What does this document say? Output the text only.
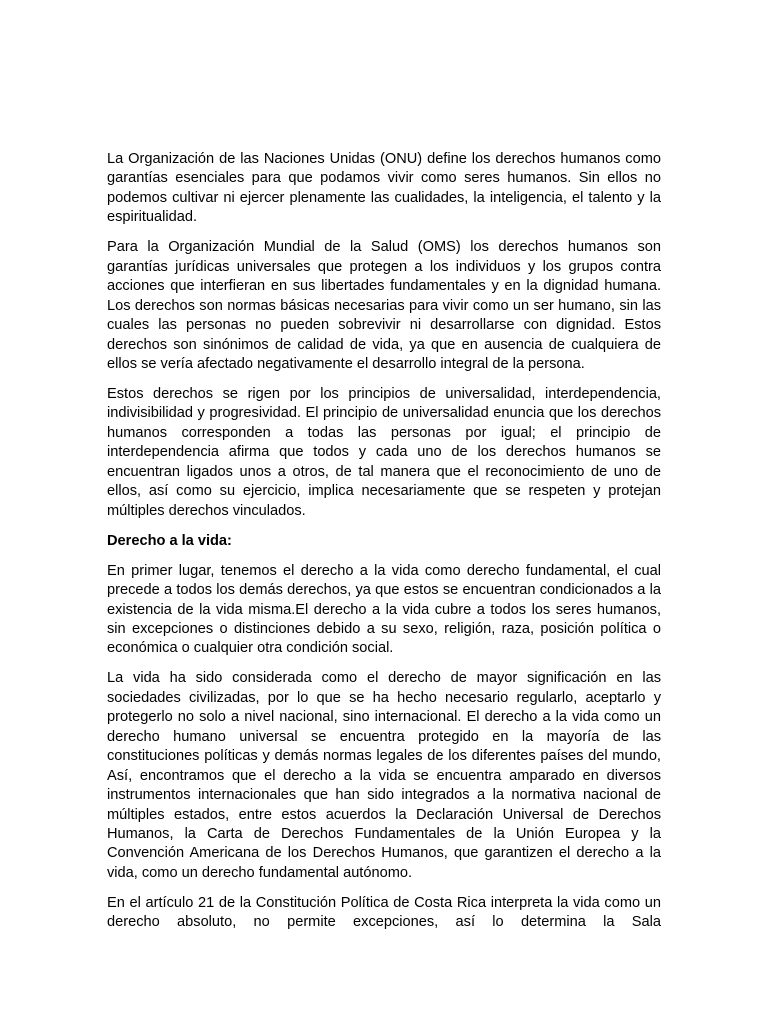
La Organización de las Naciones Unidas (ONU) define los derechos humanos como garantías esenciales para que podamos vivir como seres humanos. Sin ellos no podemos cultivar ni ejercer plenamente las cualidades, la inteligencia, el talento y la espiritualidad.

Para la Organización Mundial de la Salud (OMS) los derechos humanos son garantías jurídicas universales que protegen a los individuos y los grupos contra acciones que interfieran en sus libertades fundamentales y en la dignidad humana. Los derechos son normas básicas necesarias para vivir como un ser humano, sin las cuales las personas no pueden sobrevivir ni desarrollarse con dignidad. Estos derechos son sinónimos de calidad de vida, ya que en ausencia de cualquiera de ellos se vería afectado negativamente el desarrollo integral de la persona.

Estos derechos se rigen por los principios de universalidad, interdependencia, indivisibilidad y progresividad. El principio de universalidad enuncia que los derechos humanos corresponden a todas las personas por igual; el principio de interdependencia afirma que todos y cada uno de los derechos humanos se encuentran ligados unos a otros, de tal manera que el reconocimiento de uno de ellos, así como su ejercicio, implica necesariamente que se respeten y protejan múltiples derechos vinculados.

Derecho a la vida:

En primer lugar, tenemos el derecho a la vida como derecho fundamental, el cual precede a todos los demás derechos, ya que estos se encuentran condicionados a la existencia de la vida misma.El derecho a la vida cubre a todos los seres humanos, sin excepciones o distinciones debido a su sexo, religión, raza, posición política o económica o cualquier otra condición social.

La vida ha sido considerada como el derecho de mayor significación en las sociedades civilizadas, por lo que se ha hecho necesario regularlo, aceptarlo y protegerlo no solo a nivel nacional, sino internacional. El derecho a la vida como un derecho humano universal se encuentra protegido en la mayoría de las constituciones políticas y demás normas legales de los diferentes países del mundo, Así, encontramos que el derecho a la vida se encuentra amparado en diversos instrumentos internacionales que han sido integrados a la normativa nacional de múltiples estados, entre estos acuerdos la Declaración Universal de Derechos Humanos, la Carta de Derechos Fundamentales de la Unión Europea y la Convención Americana de los Derechos Humanos, que garantizen el derecho a la vida, como un derecho fundamental autónomo.

En el artículo 21 de la Constitución Política de Costa Rica interpreta la vida como un derecho absoluto, no permite excepciones, así lo determina la Sala
